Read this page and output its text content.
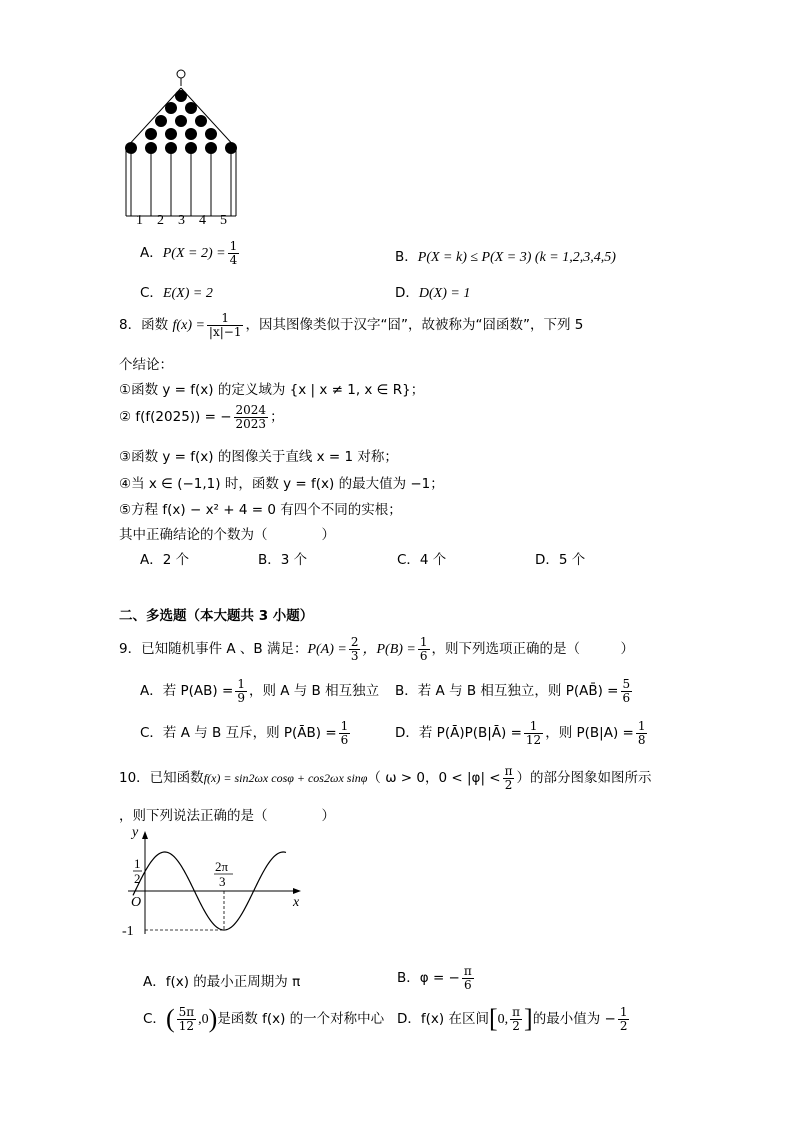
1 2 3 4 5
A．$P(X = 2) = \frac{1}{4}$	B．P(X = k) ≤ P(X = 3) (k = 1,2,3,4,5)
C．E(X) = 2	D．D(X) = 1
8．函数 $f(x) = \frac{1}{|x|-1}$ ，因其图像类似于汉字“囧”，故被称为“囧函数”，下列 5
个结论：
①函数 y = f(x) 的定义域为 {x | x ≠ 1, x ∈ R}；
② f(f(2025)) = − $\frac{2024}{2023}$ ；
③函数 y = f(x) 的图像关于直线 x = 1 对称；
④当 x ∈ (−1,1) 时，函数 y = f(x) 的最大值为 −1；
⑤方程 f(x) − x² + 4 = 0 有四个不同的实根；
其中正确结论的个数为（　　　　）
A．2 个	B．3 个	C．4 个	D．5 个
二、多选题（本大题共 3 小题）
9．已知随机事件 A 、B 满足：$P(A) = \frac{2}{3}$ ，$P(B) = \frac{1}{6}$ ，则下列选项正确的是（　　　）
A．若 $P(AB) = \frac{1}{9}$ ，则 A 与 B 相互独立 B．若 A 与 B 相互独立，则 P(AB̄) = $\frac{5}{6}$
C．若 A 与 B 互斥，则 P(ĀB) = $\frac{1}{6}$	D．若 P(Ā)P(B|Ā) = $\frac{1}{12}$ ，则 $P(B|A) = \frac{1}{8}$
10．已知函数f(x) = sin2ωx cosφ + cos2ωx sinφ（ ω > 0，$0 < |\varphi| < \frac{\pi}{2}$ ）的部分图象如图所示
，则下列说法正确的是（　　　　）
y
x
O
1
2
2π
3
-1
A．f(x) 的最小正周期为 π	B．φ = − $\frac{\pi}{6}$
C．( $\frac{5\pi}{12} ,0$)是函数 f(x) 的一个对称中心 D．f(x) 在区间[0, $\frac{\pi}{2}$ ]的最小值为 − $\frac{1}{2}$
